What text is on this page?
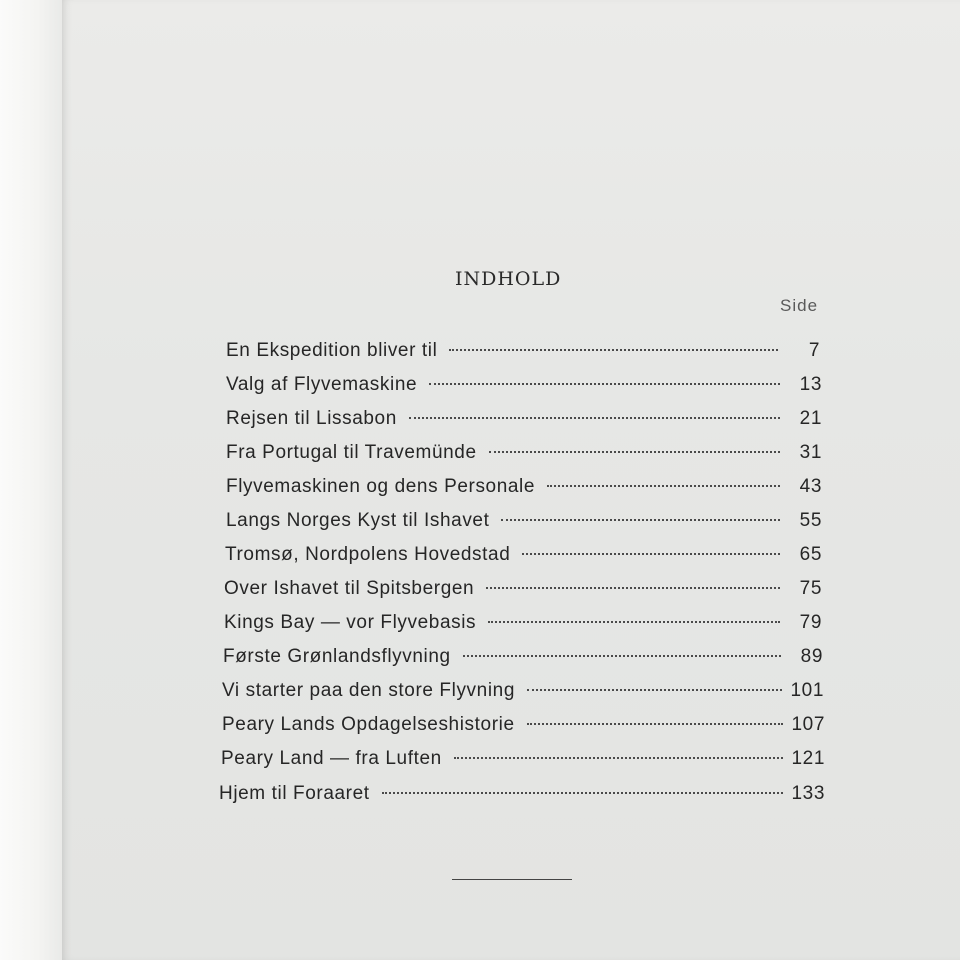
INDHOLD
Side
En Ekspedition bliver til	7
Valg af Flyvemaskine	13
Rejsen til Lissabon	21
Fra Portugal til Travemünde	31
Flyvemaskinen og dens Personale	43
Langs Norges Kyst til Ishavet	55
Tromsø, Nordpolens Hovedstad	65
Over Ishavet til Spitsbergen	75
Kings Bay — vor Flyvebasis	79
Første Grønlandsflyvning	89
Vi starter paa den store Flyvning	101
Peary Lands Opdagelseshistorie	107
Peary Land — fra Luften	121
Hjem til Foraaret	133
